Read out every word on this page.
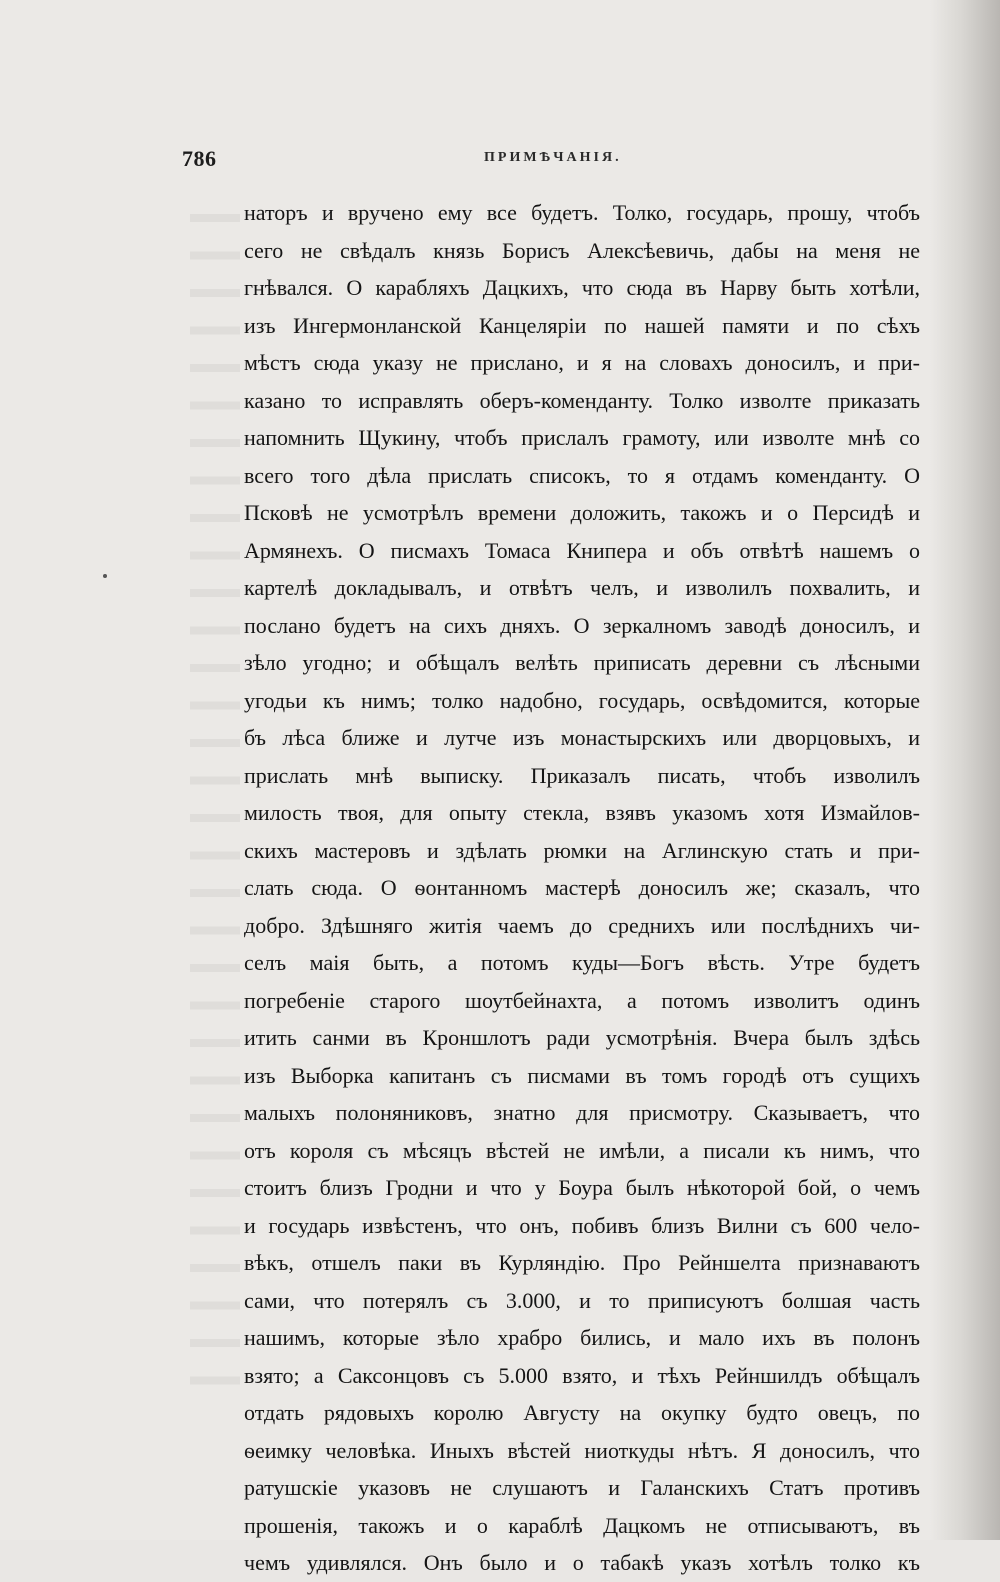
786	ПРИМѢЧАНІЯ.
наторъ и вручено ему все будетъ. Толко, государь, прошу, чтобъ
сего не свѣдалъ князь Борисъ Алексѣевичь, дабы на меня не
гнѣвался. О карабляхъ Дацкихъ, что сюда въ Нарву быть хотѣли,
изъ Ингермонланской Канцеляріи по нашей памяти и по сѣхъ
мѣстъ сюда указу не прислано, и я на словахъ доносилъ, и при-
казано то исправлять оберъ-коменданту. Толко изволте приказать
напомнить Щукину, чтобъ прислалъ грамоту, или изволте мнѣ со
всего того дѣла прислать списокъ, то я отдамъ коменданту. О
Псковѣ не усмотрѣлъ времени доложить, такожъ и о Персидѣ и
Армянехъ. О писмахъ Томаса Книпера и объ отвѣтѣ нашемъ о
картелѣ докладывалъ, и отвѣтъ челъ, и изволилъ похвалить, и
послано будетъ на сихъ дняхъ. О зеркалномъ заводѣ доносилъ, и
зѣло угодно; и обѣщалъ велѣть приписать деревни съ лѣсными
угодьи къ нимъ; толко надобно, государь, освѣдомится, которые
бъ лѣса ближе и лутче изъ монастырскихъ или дворцовыхъ, и
прислать мнѣ выписку. Приказалъ писать, чтобъ изволилъ
милость твоя, для опыту стекла, взявъ указомъ хотя Измайлов-
скихъ мастеровъ и здѣлать рюмки на Аглинскую стать и при-
слать сюда. О ѳонтанномъ мастерѣ доносилъ же; сказалъ, что
добро. Здѣшняго житія чаемъ до среднихъ или послѣднихъ чи-
селъ маія быть, а потомъ куды—Богъ вѣсть. Утре будетъ
погребеніе старого шоутбейнахта, а потомъ изволитъ одинъ
итить санми въ Кроншлотъ ради усмотрѣнія. Вчера былъ здѣсь
изъ Выборка капитанъ съ писмами въ томъ городѣ отъ сущихъ
малыхъ полоняниковъ, знатно для присмотру. Сказываетъ, что
отъ короля съ мѣсяцъ вѣстей не имѣли, а писали къ нимъ, что
стоитъ близъ Гродни и что у Боура былъ нѣкоторой бой, о чемъ
и государь извѣстенъ, что онъ, побивъ близъ Вилни съ 600 чело-
вѣкъ, отшелъ паки въ Курляндію. Про Рейншелта признаваютъ
сами, что потерялъ съ 3.000, и то приписуютъ болшая часть
нашимъ, которые зѣло храбро бились, и мало ихъ въ полонъ
взято; а Саксонцовъ съ 5.000 взято, и тѣхъ Рейншилдъ обѣщалъ
отдать рядовыхъ королю Августу на окупку будто овецъ, по
ѳеимку человѣка. Иныхъ вѣстей ниоткуды нѣтъ. Я доносилъ, что
ратушскіе указовъ не слушаютъ и Галанскихъ Статъ противъ
прошенія, такожъ и о караблѣ Дацкомъ не отписываютъ, въ
чемъ удивлялся. Онъ было и о табакѣ указъ хотѣлъ толко къ
